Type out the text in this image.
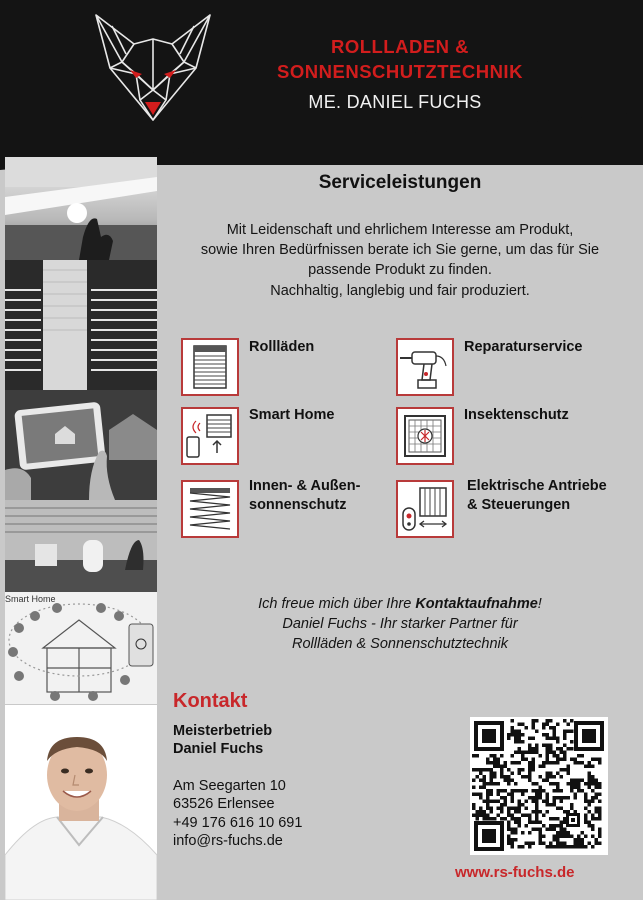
ROLLLADEN &
SONNENSCHUTZTECHNIK
ME. DANIEL FUCHS
Smart Home
Serviceleistungen
Mit Leidenschaft und ehrlichem Interesse am Produkt,
sowie Ihren Bedürfnissen berate ich Sie gerne, um das für Sie
passende Produkt zu finden.
Nachhaltig, langlebig und fair produziert.
Rollläden	Reparaturservice
Smart Home	Insektenschutz
Innen- & Außen-
sonnenschutz
Elektrische Antriebe
& Steuerungen
Ich freue mich über Ihre Kontaktaufnahme!
Daniel Fuchs - Ihr starker Partner für
Rollläden & Sonnenschutztechnik
Kontakt
Meisterbetrieb
Daniel Fuchs
Am Seegarten 10
63526 Erlensee
+49 176 616 10 691
info@rs-fuchs.de
www.rs-fuchs.de
